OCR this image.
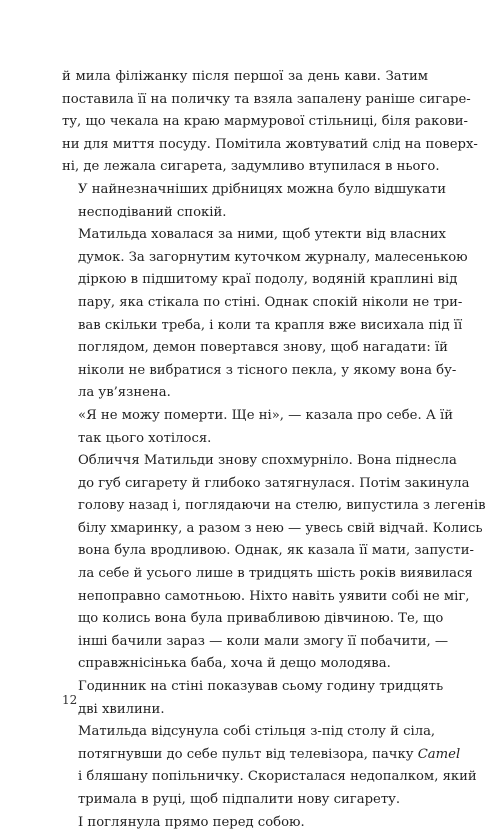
й мила філіжанку після першої за день кави. Затим
поставила її на поличку та взяла запалену раніше сигаре-
ту, що чекала на краю мармурової стільниці, біля ракови-
ни для миття посуду. Помітила жовтуватий слід на поверх-
ні, де лежала сигарета, задумливо втупилася в нього.

У найнезначніших дрібницях можна було відшукати
несподіваний спокій.

Матильда ховалася за ними, щоб утекти від власних
думок. За загорнутим куточком журналу, малесенькою
діркою в підшитому краї подолу, водяній краплині від
пару, яка стікала по стіні. Однак спокій ніколи не три-
вав скільки треба, і коли та крапля вже висихала під її
поглядом, демон повертався знову, щоб нагадати: їй
ніколи не вибратися з тісного пекла, у якому вона бу-
ла ув’язнена.

«Я не можу померти. Ще ні», — казала про себе. А їй
так цього хотілося.

Обличчя Матильди знову спохмурніло. Вона піднесла
до губ сигарету й глибоко затягнулася. Потім закинула
голову назад і, поглядаючи на стелю, випустила з легенів
білу хмаринку, а разом з нею — увесь свій відчай. Колись
вона була вродливою. Однак, як казала її мати, запусти-
ла себе й усього лише в тридцять шість років виявилася
непоправно самотньою. Ніхто навіть уявити собі не міг,
що колись вона була привабливою дівчиною. Те, що
інші бачили зараз — коли мали змогу її побачити, —
справжнісінька баба, хоча й дещо молодява.

Годинник на стіні показував сьому годину тридцять
дві хвилини.

Матильда відсунула собі стільця з-під столу й сіла,
потягнувши до себе пульт від телевізора, пачку Camel
і бляшану попільничку. Скористалася недопалком, який
тримала в руці, щоб підпалити нову сигарету.

І поглянула прямо перед собою.

12
